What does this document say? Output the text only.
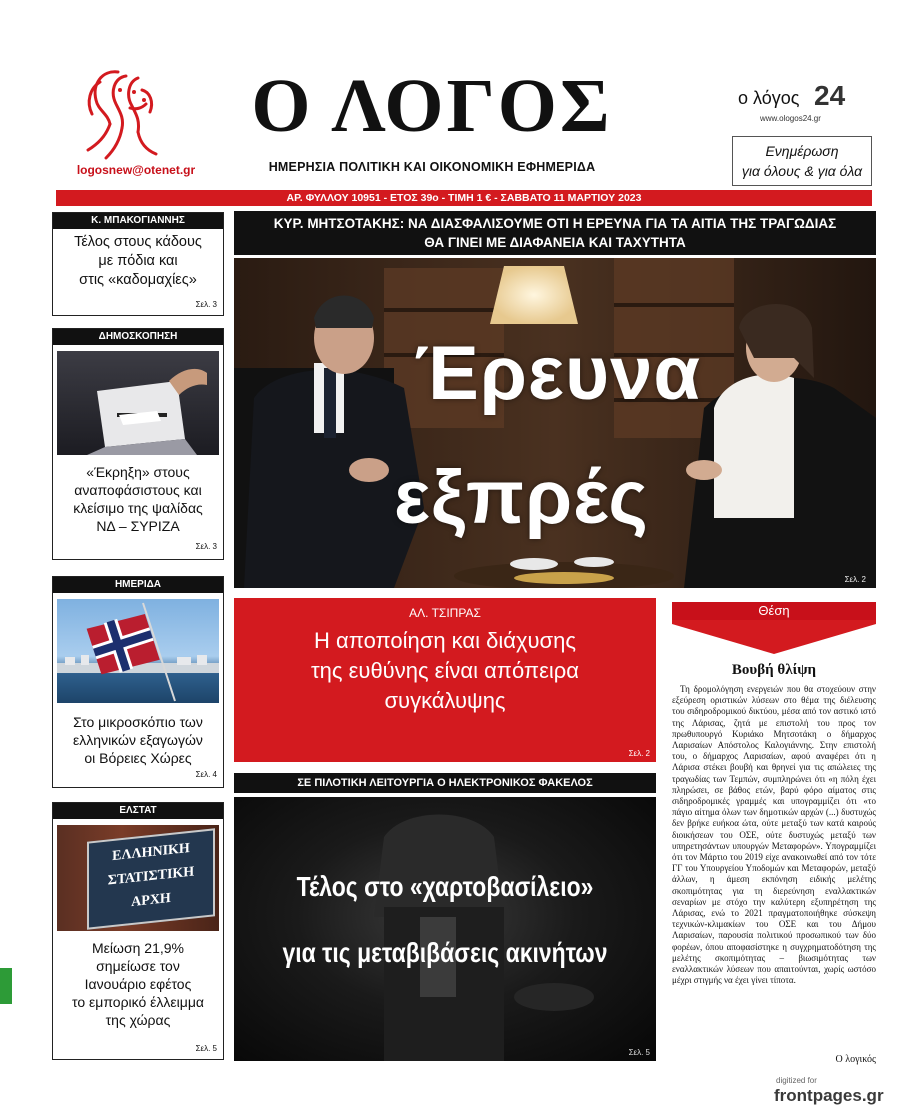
logosnew@otenet.gr
Ο ΛΟΓΟΣ
ΗΜΕΡΗΣΙΑ ΠΟΛΙΤΙΚΗ ΚΑΙ ΟΙΚΟΝΟΜΙΚΗ ΕΦΗΜΕΡΙΔΑ
ο λόγος 24
www.ologos24.gr
Ενημέρωση
για όλους & για όλα
ΑΡ. ΦΥΛΛΟΥ 10951 - ΕΤΟΣ 39ο - ΤΙΜΗ 1 € - ΣΑΒΒΑΤΟ 11 ΜΑΡΤΙΟΥ 2023
Κ. ΜΠΑΚΟΓΙΑΝΝΗΣ
Τέλος στους κάδους
με πόδια και
στις «καδομαχίες»
Σελ. 3
ΔΗΜΟΣΚΟΠΗΣΗ
«Έκρηξη» στους
αναποφάσιστους και
κλείσιμο της ψαλίδας
ΝΔ – ΣΥΡΙΖΑ
Σελ. 3
ΗΜΕΡΙΔΑ
Στο μικροσκόπιο των
ελληνικών εξαγωγών
οι Βόρειες Χώρες
Σελ. 4
ΕΛΣΤΑΤ
ΕΛΛΗΝΙΚΗ
ΣΤΑΤΙΣΤΙΚΗ
ΑΡΧΗ
Μείωση 21,9%
σημείωσε τον
Ιανουάριο εφέτος
το εμπορικό έλλειμμα
της χώρας
Σελ. 5
ΚΥΡ. ΜΗΤΣΟΤΑΚΗΣ: ΝΑ ΔΙΑΣΦΑΛΙΣΟΥΜΕ ΟΤΙ Η ΕΡΕΥΝΑ ΓΙΑ ΤΑ ΑΙΤΙΑ ΤΗΣ ΤΡΑΓΩΔΙΑΣ
ΘΑ ΓΙΝΕΙ ΜΕ ΔΙΑΦΑΝΕΙΑ ΚΑΙ ΤΑΧΥΤΗΤΑ
Έρευνα
εξπρές
Σελ. 2
ΑΛ. ΤΣΙΠΡΑΣ
Η αποποίηση και διάχυσης
της ευθύνης είναι απόπειρα
συγκάλυψης
Σελ. 2
ΣΕ ΠΙΛΟΤΙΚΗ ΛΕΙΤΟΥΡΓΙΑ Ο ΗΛΕΚΤΡΟΝΙΚΟΣ ΦΑΚΕΛΟΣ
Τέλος στο «χαρτοβασίλειο»
για τις μεταβιβάσεις ακινήτων
Σελ. 5
Θέση
Βουβή θλίψη
Τη δρομολόγηση ενεργειών που θα στοχεύουν στην εξεύρεση οριστικών λύσεων στο θέμα της διέλευσης του σιδηροδρομικού δικτύου, μέσα από τον αστικό ιστό της Λάρισας, ζητά με επιστολή του προς τον πρωθυπουργό Κυριάκο Μητσοτάκη ο δήμαρχος Λαρισαίων Απόστολος Καλογιάννης. Στην επιστολή του, ο δήμαρχος Λαρισαίων, αφού αναφέρει ότι η Λάρισα στέκει βουβή και θρηνεί για τις απώλειες της τραγωδίας των Τεμπών, συμπληρώνει ότι «η πόλη έχει πληρώσει, σε βάθος ετών, βαρύ φόρο αίματος στις σιδηροδρομικές γραμμές και υπογραμμίζει ότι «το πάγιο αίτημα όλων των δημοτικών αρχών (...) δυστυχώς δεν βρήκε ευήκοα ώτα, ούτε μεταξύ των κατά καιρούς διοικήσεων του ΟΣΕ, ούτε δυστυχώς μεταξύ των υπηρετησάντων υπουργών Μεταφορών». Υπογραμμίζει ότι τον Μάρτιο του 2019 είχε ανακοινωθεί από τον τότε ΓΓ του Υπουργείου Υποδομών και Μεταφορών, μεταξύ άλλων, η άμεση εκπόνηση ειδικής μελέτης σκοπιμότητας για τη διερεύνηση εναλλακτικών σεναρίων με στόχο την καλύτερη εξυπηρέτηση της Λάρισας, ενώ το 2021 πραγματοποιήθηκε σύσκεψη τεχνικών-κλιμακίων του ΟΣΕ και του Δήμου Λαρισαίων, παρουσία πολιτικού προσωπικού των δύο φορέων, όπου αποφασίστηκε η συγχρηματοδότηση της μελέτης σκοπιμότητας – βιωσιμότητας των εναλλακτικών λύσεων που απαιτούνται, χωρίς ωστόσο μέχρι στιγμής να έχει γίνει τίποτα.
Ο λογικός
digitized for
frontpages.gr
